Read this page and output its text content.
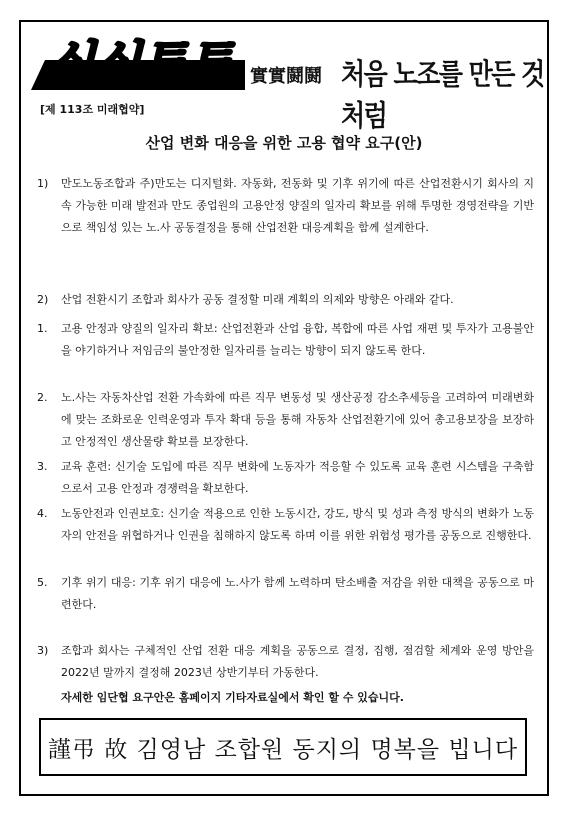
실실투투	實實鬪鬪 처음 노조를 만든 것 처럼
[제 113조 미래협약]
산업 변화 대응을 위한 고용 협약 요구(안)
1)	만도노동조합과 주)만도는 디지털화. 자동화, 전동화 및 기후 위기에 따른 산업전환시기 회사의 지속 가능한 미래 발전과 만도 종업원의 고용안정 양질의 일자리 확보를 위해 투명한 경영전략을 기반으로 책임성 있는 노.사 공동결정을 통해 산업전환 대응계획을 함께 설계한다.
2)	산업 전환시기 조합과 회사가 공동 결정할 미래 계획의 의제와 방향은 아래와 같다.
1.	고용 안정과 양질의 일자리 확보: 산업전환과 산업 융합, 복합에 따른 사업 재편 및 투자가 고용불안을 야기하거나 저임금의 불안정한 일자리를 늘리는 방향이 되지 않도록 한다.
2.	노.사는 자동차산업 전환 가속화에 따른 직무 변동성 및 생산공정 감소추세등을 고려하여 미래변화에 맞는 조화로운 인력운영과 투자 확대 등을 통해 자동차 산업전환기에 있어 총고용보장을 보장하고 안정적인 생산물량 확보를 보장한다.
3.	교육 훈련: 신기술 도입에 따른 직무 변화에 노동자가 적응할 수 있도록 교육 훈련 시스템을 구축함으로서 고용 안정과 경쟁력을 확보한다.
4.	노동안전과 인권보호: 신기술 적용으로 인한 노동시간, 강도, 방식 및 성과 측정 방식의 변화가 노동자의 안전을 위협하거나 인권을 침해하지 않도록 하며 이를 위한 위험성 평가를 공동으로 진행한다.
5.	기후 위기 대응: 기후 위기 대응에 노.사가 함께 노력하며 탄소배출 저감을 위한 대책을 공동으로 마련한다.
3)	조합과 회사는 구체적인 산업 전환 대응 계획을 공동으로 결정, 집행, 점검할 체계와 운영 방안을 2022년 말까지 결정해 2023년 상반기부터 가동한다.
자세한 임단협 요구안은 홈페이지 기타자료실에서 확인 할 수 있습니다.
謹弔 故 김영남 조합원 동지의 명복을 빕니다
